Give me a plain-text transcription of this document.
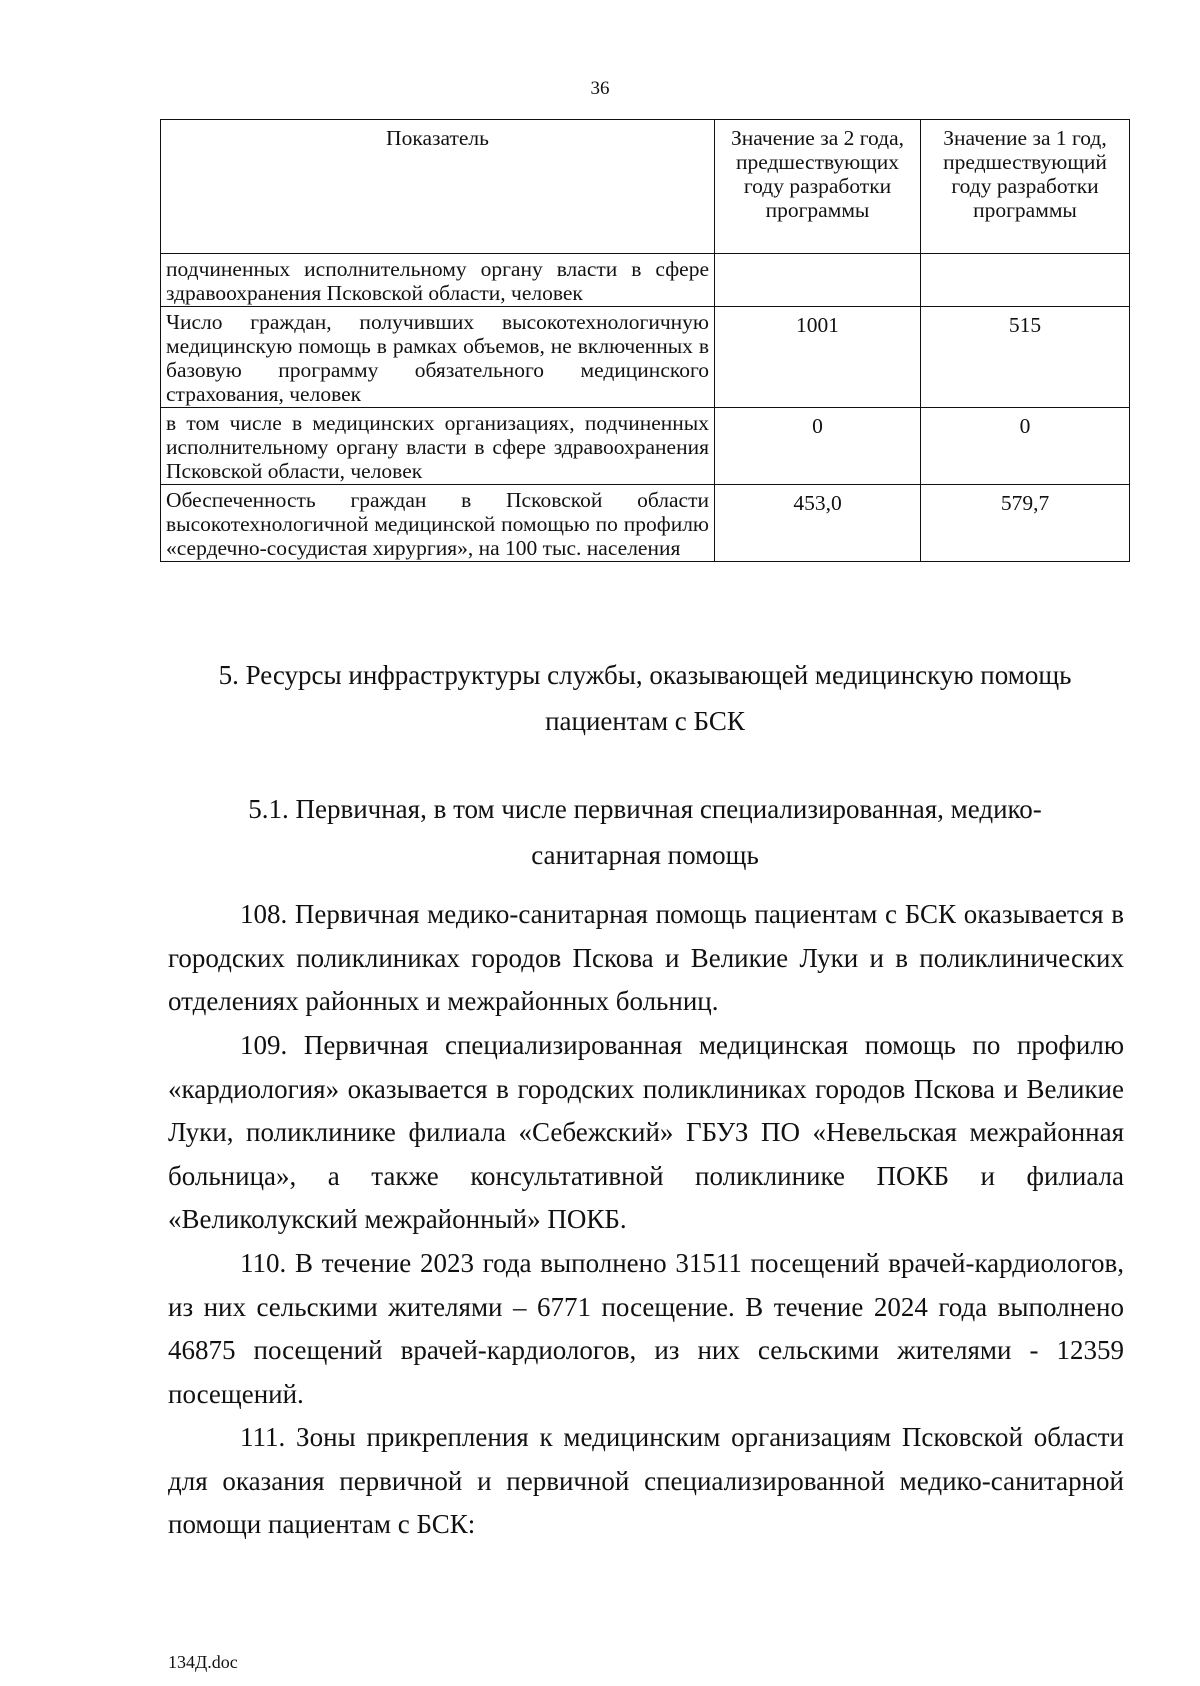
36
Показатель	Значение за 2 года, предшествующих году разработки программы	Значение за 1 год, предшествующий году разработки программы
подчиненных исполнительному органу власти в сфере здравоохранения Псковской области, человек		
Число граждан, получивших высокотехнологичную медицинскую помощь в рамках объемов, не включенных в базовую программу обязательного медицинского страхования, человек	1001	515
в том числе в медицинских организациях, подчиненных исполнительному органу власти в сфере здравоохранения Псковской области, человек	0	0
Обеспеченность граждан в Псковской области высокотехнологичной медицинской помощью по профилю «сердечно-сосудистая хирургия», на 100 тыс. населения	453,0	579,7
5. Ресурсы инфраструктуры службы, оказывающей медицинскую помощь пациентам с БСК
5.1. Первичная, в том числе первичная специализированная, медико-санитарная помощь

108. Первичная медико-санитарная помощь пациентам с БСК оказывается в городских поликлиниках городов Пскова и Великие Луки и в поликлинических отделениях районных и межрайонных больниц.

109. Первичная специализированная медицинская помощь по профилю «кардиология» оказывается в городских поликлиниках городов Пскова и Великие Луки, поликлинике филиала «Себежский» ГБУЗ ПО «Невельская межрайонная больница», а также консультативной поликлинике ПОКБ и филиала «Великолукский межрайонный» ПОКБ.

110. В течение 2023 года выполнено 31511 посещений врачей-кардиологов, из них сельскими жителями – 6771 посещение. В течение 2024 года выполнено 46875 посещений врачей-кардиологов, из них сельскими жителями - 12359 посещений.

111. Зоны прикрепления к медицинским организациям Псковской области для оказания первичной и первичной специализированной медико-санитарной помощи пациентам с БСК:

134Д.doc
